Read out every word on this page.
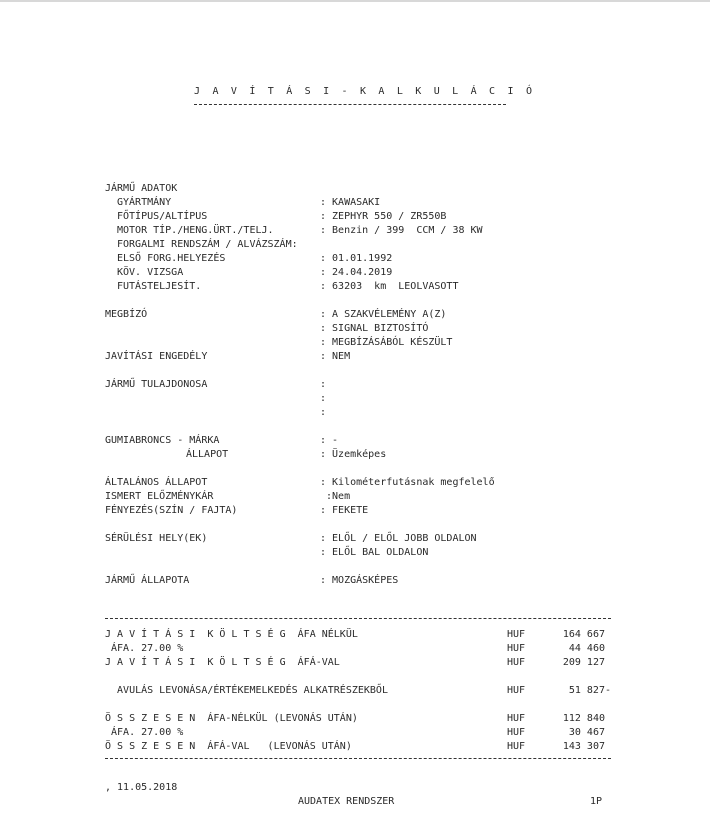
J A V Í T Á S I - K A L K U L Á C I Ó
JÁRMŰ ADATOK
GYÁRTMÁNY	: KAWASAKI
FŐTÍPUS/ALTÍPUS	: ZEPHYR 550 / ZR550B
MOTOR TÍP./HENG.ÜRT./TELJ.	: Benzin / 399  CCM / 38 KW
FORGALMI RENDSZÁM / ALVÁZSZÁM:
ELSŐ FORG.HELYEZÉS	: 01.01.1992
KÖV. VIZSGA	: 24.04.2019
FUTÁSTELJESÍT.	: 63203  km  LEOLVASOTT
MEGBÍZÓ	: A SZAKVÉLEMÉNY A(Z)
: SIGNAL BIZTOSÍTÓ
: MEGBÍZÁSÁBÓL KÉSZÜLT
JAVÍTÁSI ENGEDÉLY	: NEM
JÁRMŰ TULAJDONOSA	:
:
:
GUMIABRONCS - MÁRKA	: -
ÁLLAPOT	: Üzemképes
ÁLTALÁNOS ÁLLAPOT	: Kilométerfutásnak megfelelő
ISMERT ELŐZMÉNYKÁR	:Nem
FÉNYEZÉS(SZÍN / FAJTA)	: FEKETE
SÉRÜLÉSI HELY(EK)	: ELŐL / ELŐL JOBB OLDALON
: ELŐL BAL OLDALON
JÁRMŰ ÁLLAPOTA	: MOZGÁSKÉPES
J A V Í T Á S I  K Ö L T S É G  ÁFA NÉLKÜL	HUF	164 667
ÁFA. 27.00 %	HUF	44 460
J A V Í T Á S I  K Ö L T S É G  ÁFÁ-VAL	HUF	209 127
AVULÁS LEVONÁSA/ÉRTÉKEMELKEDÉS ALKATRÉSZEKBŐL	HUF	51 827-
Ö S S Z E S E N  ÁFA-NÉLKÜL (LEVONÁS UTÁN)	HUF	112 840
ÁFA. 27.00 %	HUF	30 467
Ö S S Z E S E N  ÁFÁ-VAL   (LEVONÁS UTÁN)	HUF	143 307
, 11.05.2018
AUDATEX RENDSZER	1P
